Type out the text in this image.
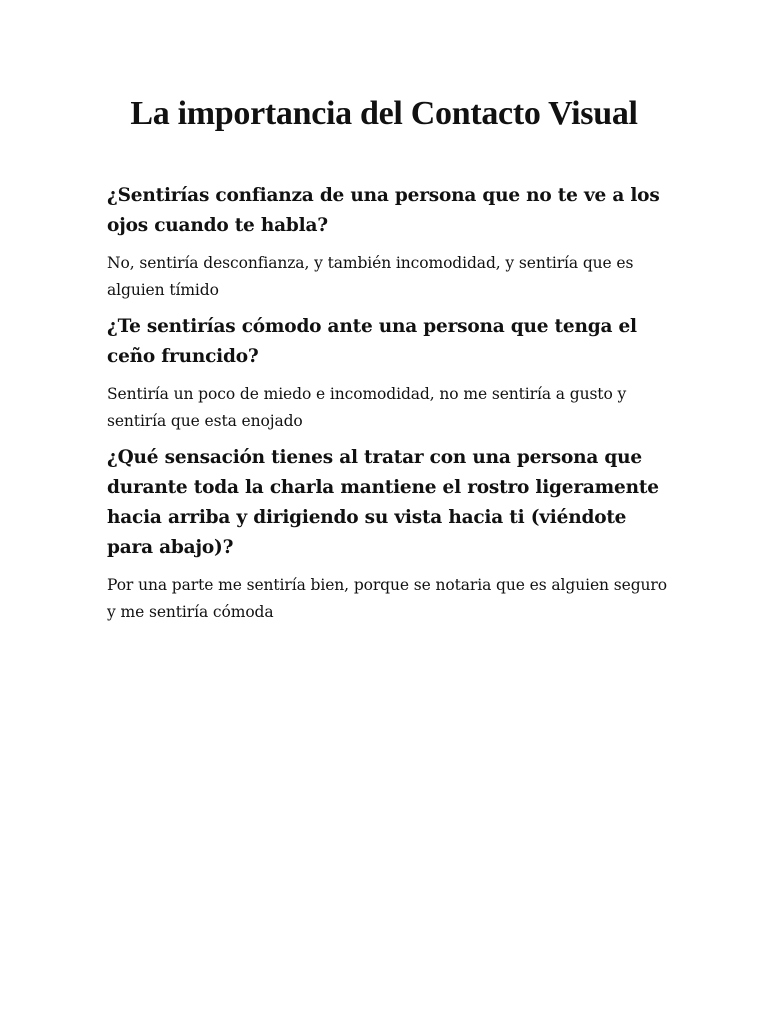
La importancia del Contacto Visual

¿Sentirías confianza de una persona que no te ve a los ojos cuando te habla?

No, sentiría desconfianza, y también incomodidad, y sentiría que es alguien tímido

¿Te sentirías cómodo ante una persona que tenga el ceño fruncido?

Sentiría un poco de miedo e incomodidad, no me sentiría a gusto y sentiría que esta enojado

¿Qué sensación tienes al tratar con una persona que durante toda la charla mantiene el rostro ligeramente hacia arriba y dirigiendo su vista hacia ti (viéndote para abajo)?

Por una parte me sentiría bien, porque se notaria que es alguien seguro y me sentiría cómoda
